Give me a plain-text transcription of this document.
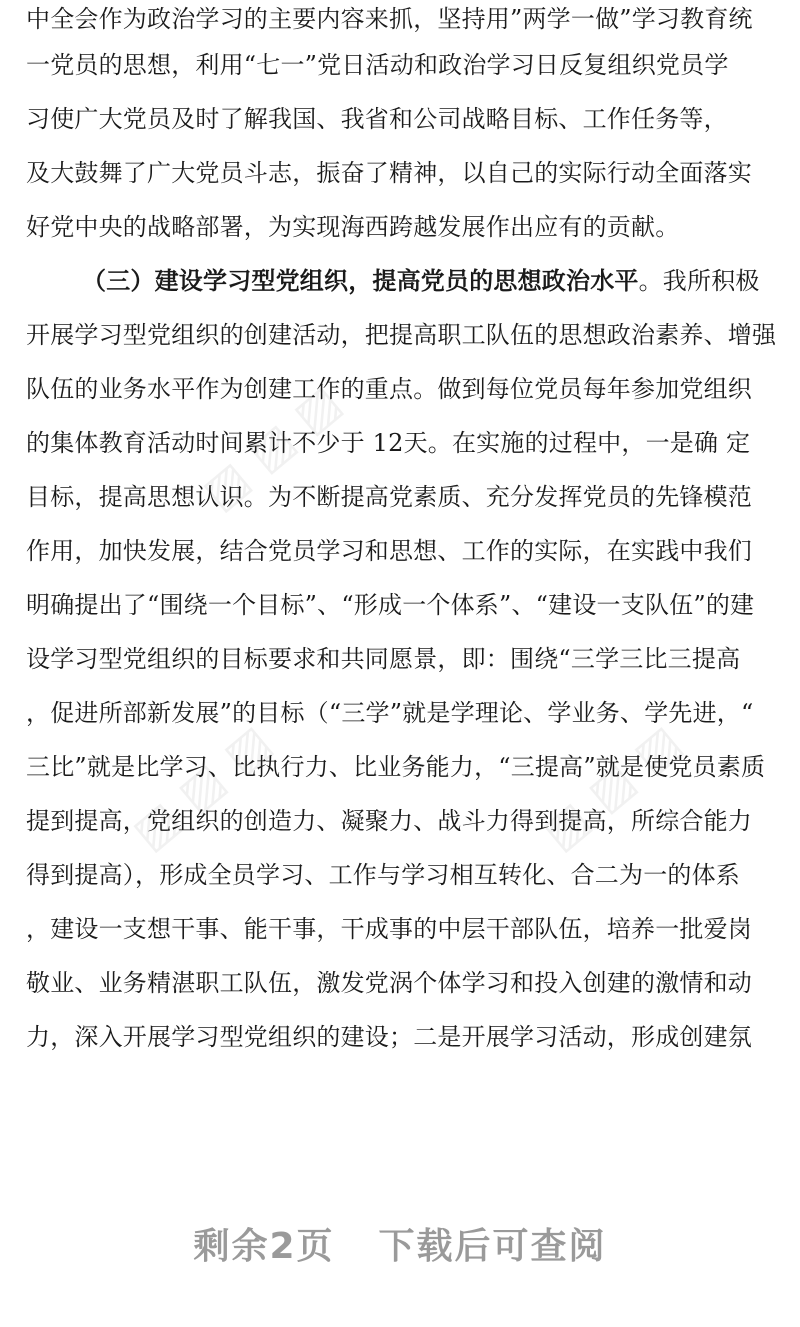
▨ ▨ ▨
▨ ▨ ▨
▨ ▨ ▨
中全会作为政治学习的主要内容来抓，坚持用”两学一做”学习教育统
一党员的思想，利用“七一”党日活动和政治学习日反复组织党员学
习使广大党员及时了解我国、我省和公司战略目标、工作任务等，
及大鼓舞了广大党员斗志，振奋了精神，以自己的实际行动全面落实
好党中央的战略部署，为实现海西跨越发展作出应有的贡献。
（三）建设学习型党组织，提高党员的思想政治水平。我所积极
开展学习型党组织的创建活动，把提高职工队伍的思想政治素养、增强
队伍的业务水平作为创建工作的重点。做到每位党员每年参加党组织
的集体教育活动时间累计不少于 12天。在实施的过程中，一是确 定
目标，提高思想认识。为不断提高党素质、充分发挥党员的先锋模范
作用，加快发展，结合党员学习和思想、工作的实际，在实践中我们
明确提出了“围绕一个目标”、“形成一个体系”、“建设一支队伍”的建
设学习型党组织的目标要求和共同愿景，即：围绕“三学三比三提高
，促进所部新发展”的目标（“三学”就是学理论、学业务、学先进，“
三比”就是比学习、比执行力、比业务能力，“三提高”就是使党员素质
提到提高，党组织的创造力、凝聚力、战斗力得到提高，所综合能力
得到提高），形成全员学习、工作与学习相互转化、合二为一的体系
，建设一支想干事、能干事，干成事的中层干部队伍，培养一批爱岗
敬业、业务精湛职工队伍，激发党涡个体学习和投入创建的激情和动
力，深入开展学习型党组织的建设；二是开展学习活动，形成创建氛
剩余2页 下载后可查阅
